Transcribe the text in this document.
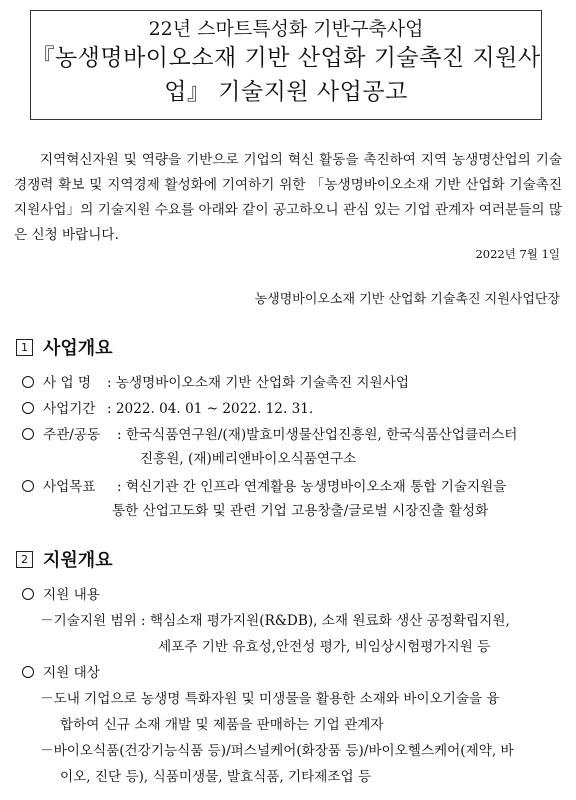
22년 스마트특성화 기반구축사업
『농생명바이오소재 기반 산업화 기술촉진 지원사
업』 기술지원 사업공고

지역혁신자원 및 역량을 기반으로 기업의 혁신 활동을 촉진하여 지역 농생명산업의 기술경쟁력 확보 및 지역경제 활성화에 기여하기 위한 「농생명바이오소재 기반 산업화 기술촉진 지원사업」의 기술지원 수요를 아래와 같이 공고하오니 관심 있는 기업 관계자 여러분들의 많은 신청 바랍니다.

2022년 7월 1일
농생명바이오소재 기반 산업화 기술촉진 지원사업단장
1 사업개요
사 업 명 : 농생명바이오소재 기반 산업화 기술촉진 지원사업
사업기간 : 2022. 04. 01 ~ 2022. 12. 31.
주관/공동 : 한국식품연구원/(재)발효미생물산업진흥원, 한국식품산업클러스터
진흥원, (재)베리앤바이오식품연구소
사업목표 : 혁신기관 간 인프라 연계활용 농생명바이오소재 통합 기술지원을
통한 산업고도화 및 관련 기업 고용창출/글로벌 시장진출 활성화
2 지원개요
지원 내용
－기술지원 범위 : 핵심소재 평가지원(R&DB), 소재 원료화 생산 공정확립지원,
세포주 기반 유효성,안전성 평가, 비임상시험평가지원 등
지원 대상
－도내 기업으로 농생명 특화자원 및 미생물을 활용한 소재와 바이오기술을 융
합하여 신규 소재 개발 및 제품을 판매하는 기업 관계자
－바이오식품(건강기능식품 등)/퍼스널케어(화장품 등)/바이오헬스케어(제약, 바
이오, 진단 등), 식품미생물, 발효식품, 기타제조업 등
